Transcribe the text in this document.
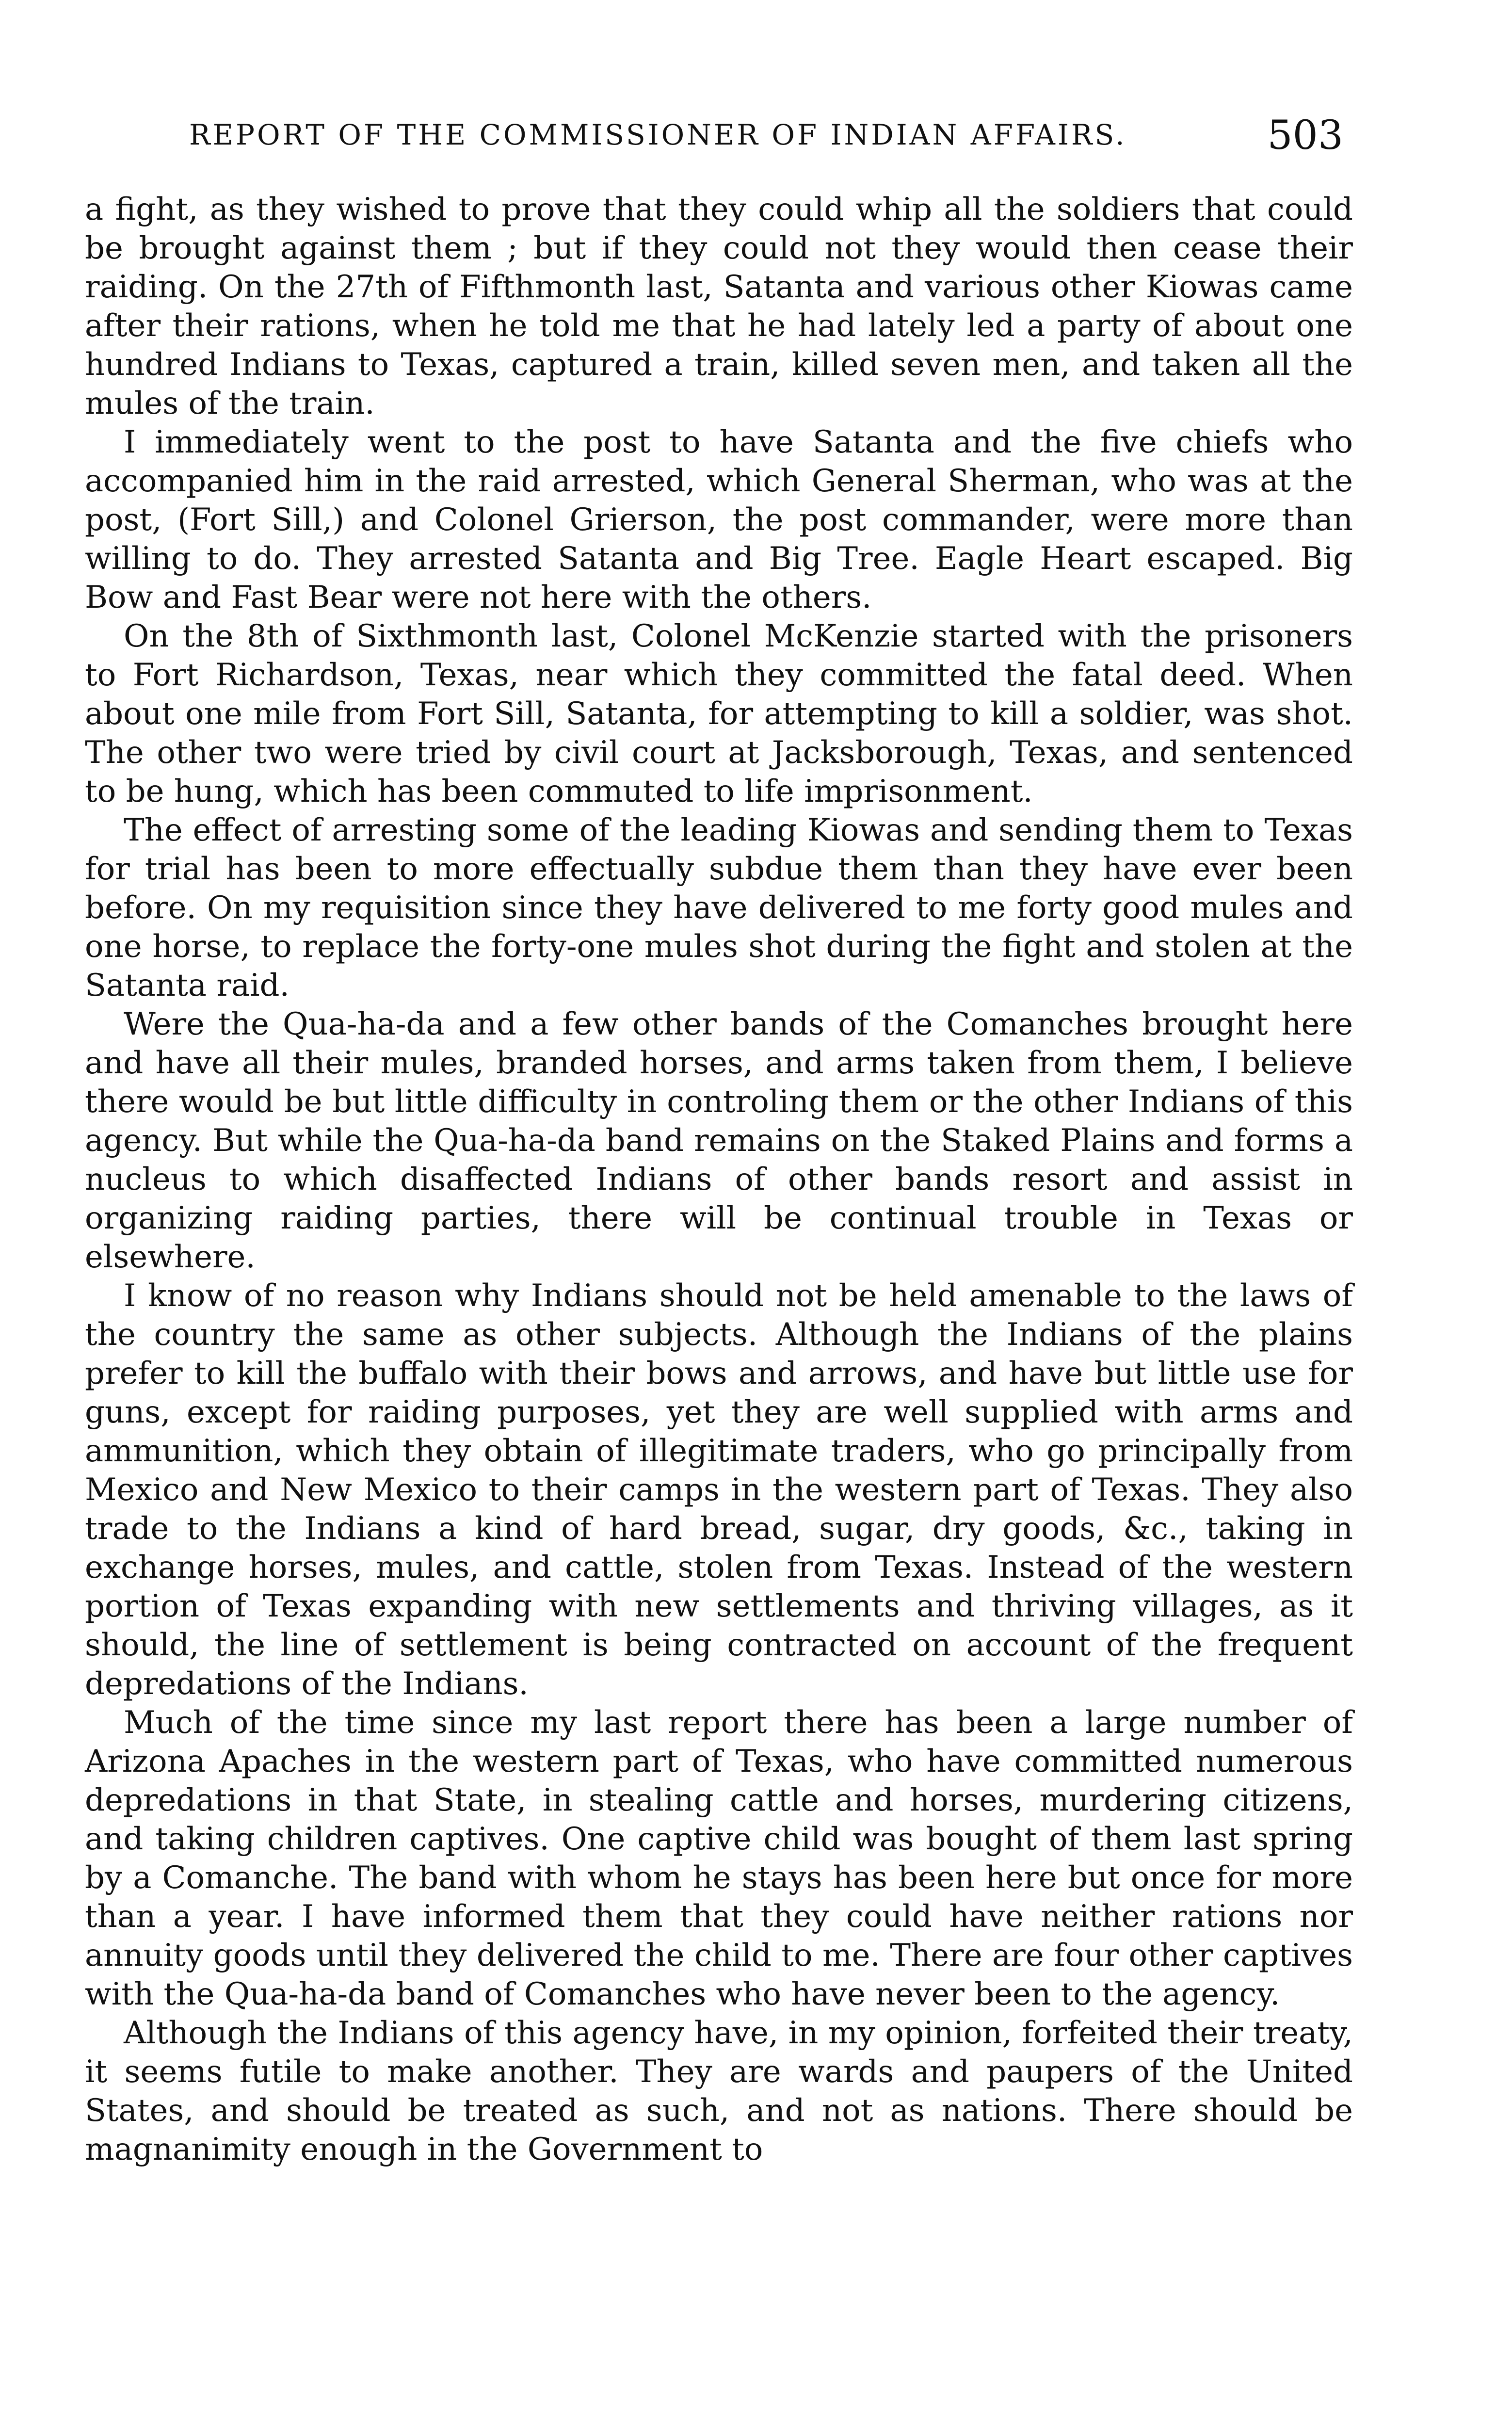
REPORT OF THE COMMISSIONER OF INDIAN AFFAIRS.	503

a fight, as they wished to prove that they could whip all the soldiers that could be brought against them ; but if they could not they would then cease their raiding. On the 27th of Fifthmonth last, Satanta and various other Kiowas came after their rations, when he told me that he had lately led a party of about one hundred Indians to Texas, captured a train, killed seven men, and taken all the mules of the train.

I immediately went to the post to have Satanta and the five chiefs who accompanied him in the raid arrested, which General Sherman, who was at the post, (Fort Sill,) and Colonel Grierson, the post commander, were more than willing to do. They arrested Satanta and Big Tree. Eagle Heart escaped. Big Bow and Fast Bear were not here with the others.

On the 8th of Sixthmonth last, Colonel McKenzie started with the prisoners to Fort Richardson, Texas, near which they committed the fatal deed. When about one mile from Fort Sill, Satanta, for attempting to kill a soldier, was shot. The other two were tried by civil court at Jacksborough, Texas, and sentenced to be hung, which has been commuted to life imprisonment.

The effect of arresting some of the leading Kiowas and sending them to Texas for trial has been to more effectually subdue them than they have ever been before. On my requisition since they have delivered to me forty good mules and one horse, to replace the forty-one mules shot during the fight and stolen at the Satanta raid.

Were the Qua-ha-da and a few other bands of the Comanches brought here and have all their mules, branded horses, and arms taken from them, I believe there would be but little difficulty in controling them or the other Indians of this agency. But while the Qua-ha-da band remains on the Staked Plains and forms a nucleus to which disaffected Indians of other bands resort and assist in organizing raiding parties, there will be continual trouble in Texas or elsewhere.

I know of no reason why Indians should not be held amenable to the laws of the country the same as other subjects. Although the Indians of the plains prefer to kill the buffalo with their bows and arrows, and have but little use for guns, except for raiding purposes, yet they are well supplied with arms and ammunition, which they obtain of illegitimate traders, who go principally from Mexico and New Mexico to their camps in the western part of Texas. They also trade to the Indians a kind of hard bread, sugar, dry goods, &c., taking in exchange horses, mules, and cattle, stolen from Texas. Instead of the western portion of Texas expanding with new settlements and thriving villages, as it should, the line of settlement is being contracted on account of the frequent depredations of the Indians.

Much of the time since my last report there has been a large number of Arizona Apaches in the western part of Texas, who have committed numerous depredations in that State, in stealing cattle and horses, murdering citizens, and taking children captives. One captive child was bought of them last spring by a Comanche. The band with whom he stays has been here but once for more than a year. I have informed them that they could have neither rations nor annuity goods until they delivered the child to me. There are four other captives with the Qua-ha-da band of Comanches who have never been to the agency.

Although the Indians of this agency have, in my opinion, forfeited their treaty, it seems futile to make another. They are wards and paupers of the United States, and should be treated as such, and not as nations. There should be magnanimity enough in the Government to
